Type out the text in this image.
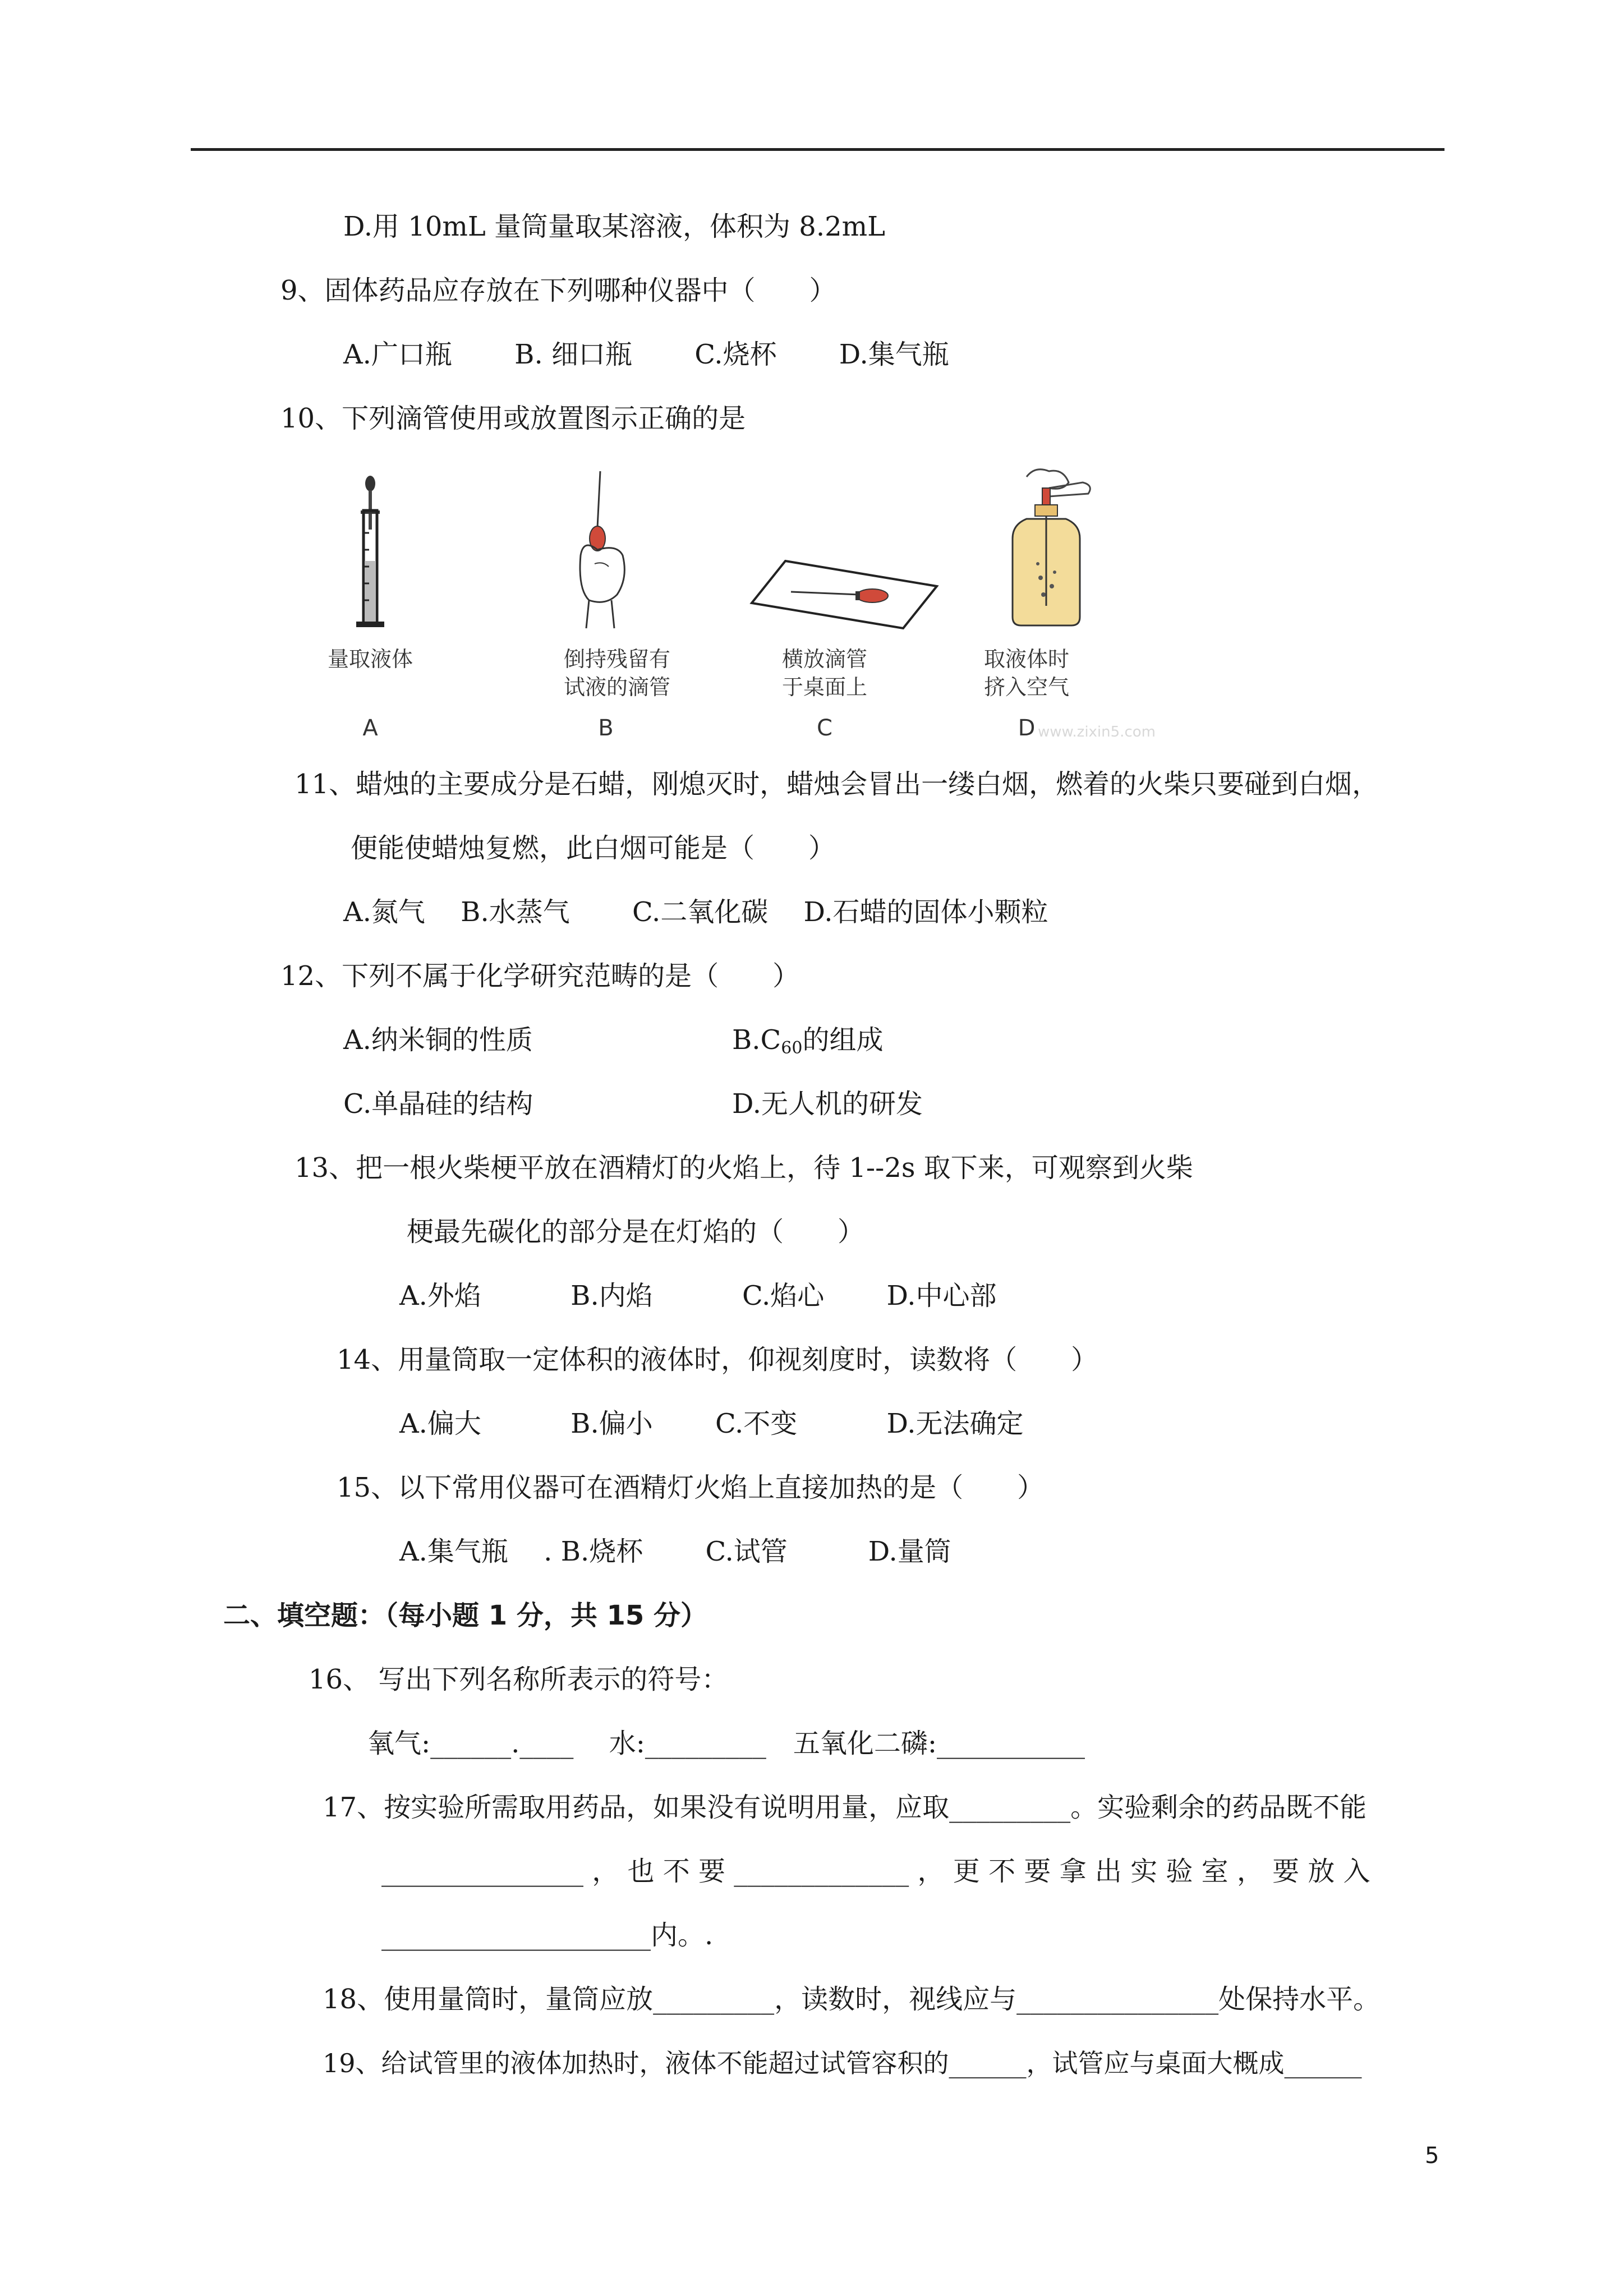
D.用 10mL 量筒量取某溶液，体积为 8.2mL
9、固体药品应存放在下列哪种仪器中（　　）
A.广口瓶　　 B. 细口瓶　　 C.烧杯　　 D.集气瓶
10、下列滴管使用或放置图示正确的是
量取液体
A
倒持残留有
试液的滴管
B
横放滴管
于桌面上
C
取液体时
挤入空气
D www.zixin5.com
11、蜡烛的主要成分是石蜡，刚熄灭时，蜡烛会冒出一缕白烟，燃着的火柴只要碰到白烟，
便能使蜡烛复燃，此白烟可能是（　　）
A.氮气　 B.水蒸气　　 C.二氧化碳　 D.石蜡的固体小颗粒
12、下列不属于化学研究范畴的是（　　）
A.纳米铜的性质	$B.C_{60}$的组成
C.单晶硅的结构	D.无人机的研发
13、把一根火柴梗平放在酒精灯的火焰上，待 1--2s 取下来，可观察到火柴
梗最先碳化的部分是在灯焰的（　　）
A.外焰　　　 B.内焰　　　 C.焰心　　 D.中心部
14、用量筒取一定体积的液体时，仰视刻度时，读数将（　　）
A.偏大　　　 B.偏小　　 C.不变　　　 D.无法确定
15、以下常用仪器可在酒精灯火焰上直接加热的是（　　）
A.集气瓶　 . B.烧杯　　 C.试管　　　D.量筒
二、填空题：（每小题 1 分，共 15 分）
16、 写出下列名称所表示的符号：
氧气:______.____　 水:_________　五氧化二磷:___________
17、按实验所需取用药品，如果没有说明用量，应取_________。实验剩余的药品既不能
_______________ ， 也 不 要 _____________ ， 更 不 要 拿 出 实 验 室 ， 要 放 入
____________________内。.
18、使用量筒时，量筒应放_________，读数时，视线应与_______________处保持水平。
19、给试管里的液体加热时，液体不能超过试管容积的______，试管应与桌面大概成______
5
